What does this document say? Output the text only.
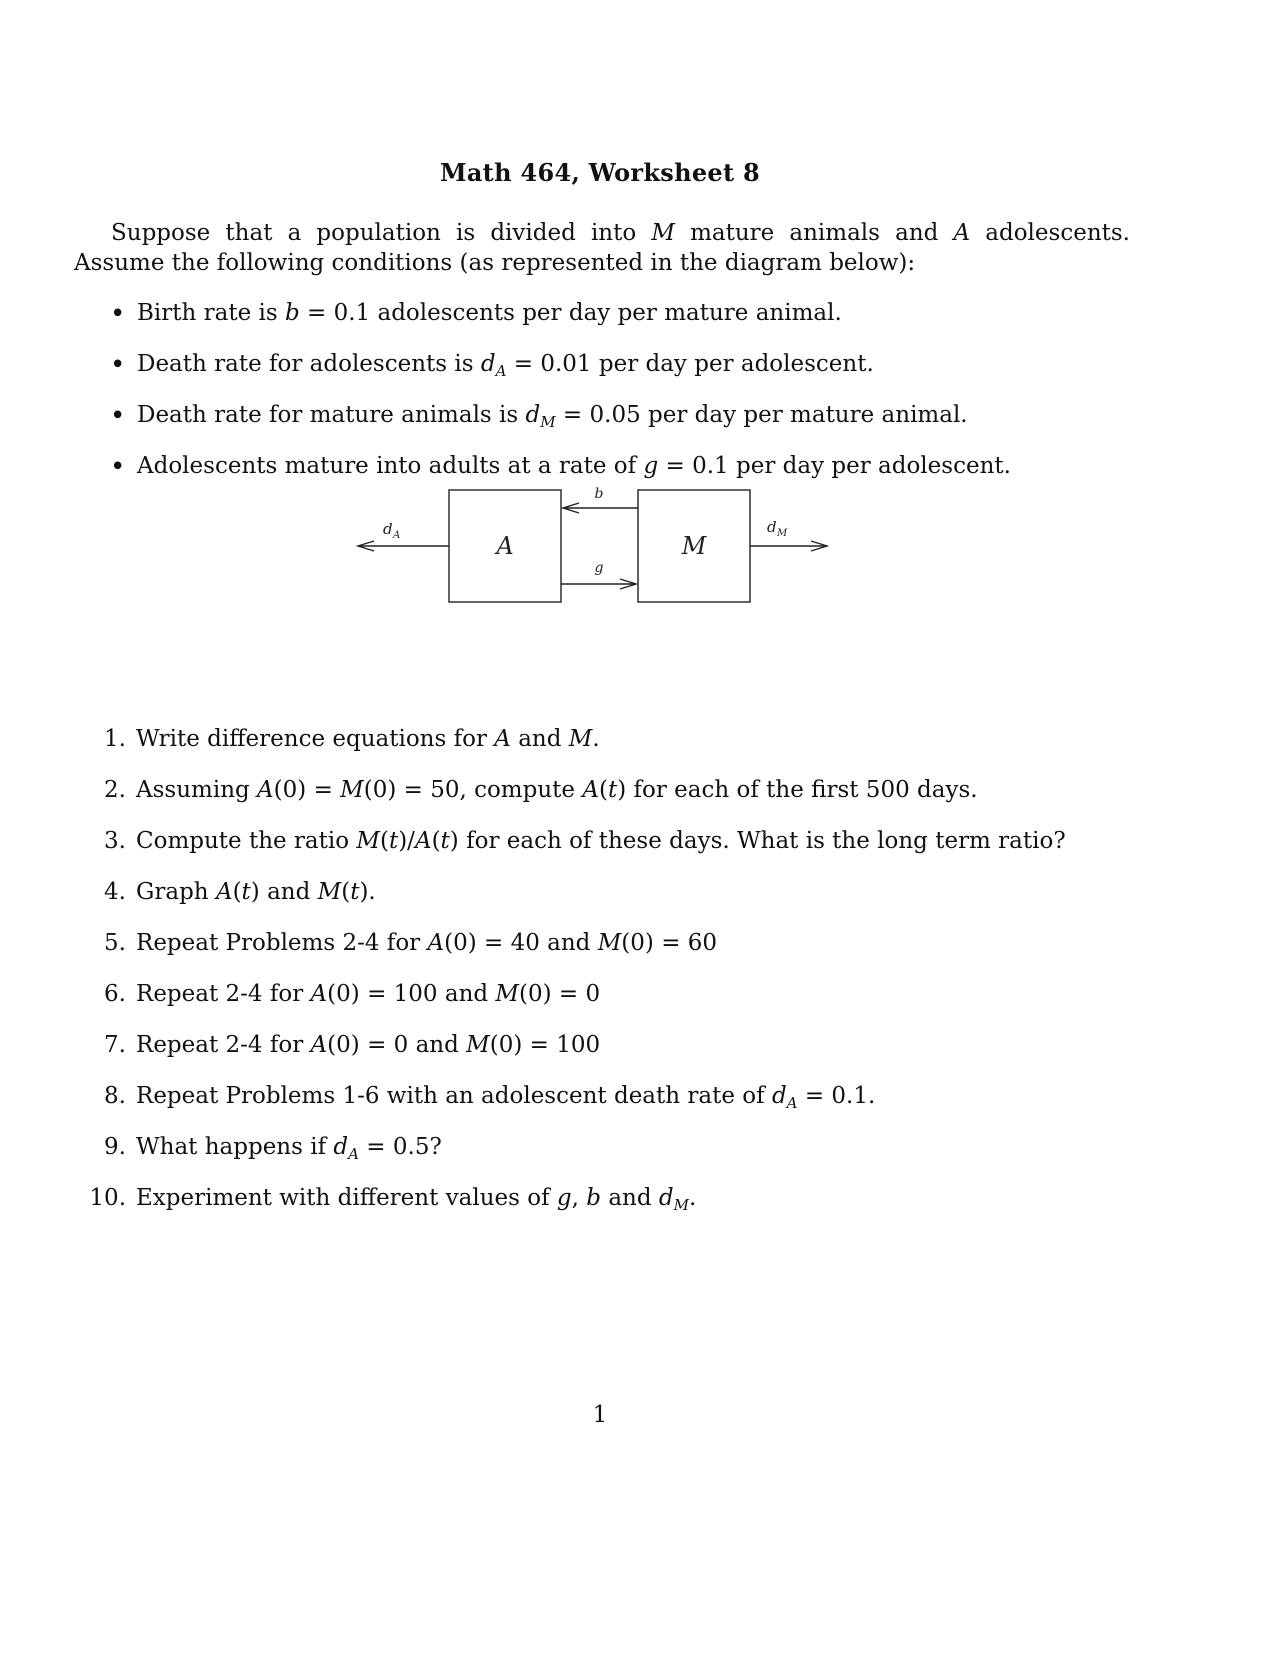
Math 464, Worksheet 8

Suppose that a population is divided into M mature animals and A adolescents. Assume the following conditions (as represented in the diagram below):

• Birth rate is b = 0.1 adolescents per day per mature animal.
• Death rate for adolescents is $d_A = 0.01$ per day per adolescent.
• Death rate for mature animals is $d_M = 0.05$ per day per mature animal.
• Adolescents mature into adults at a rate of g = 0.1 per day per adolescent.
A	M
b
g
d A	d M
1. Write difference equations for A and M.
2. Assuming A(0) = M(0) = 50, compute A(t) for each of the first 500 days.
3. Compute the ratio M(t)/A(t) for each of these days. What is the long term ratio?
4. Graph A(t) and M(t).
5. Repeat Problems 2-4 for A(0) = 40 and M(0) = 60
6. Repeat 2-4 for A(0) = 100 and M(0) = 0
7. Repeat 2-4 for A(0) = 0 and M(0) = 100
8. Repeat Problems 1-6 with an adolescent death rate of $d_A = 0.1$.
9. What happens if $d_A = 0.5$?
10. Experiment with different values of g, b and $d_M$.
1
